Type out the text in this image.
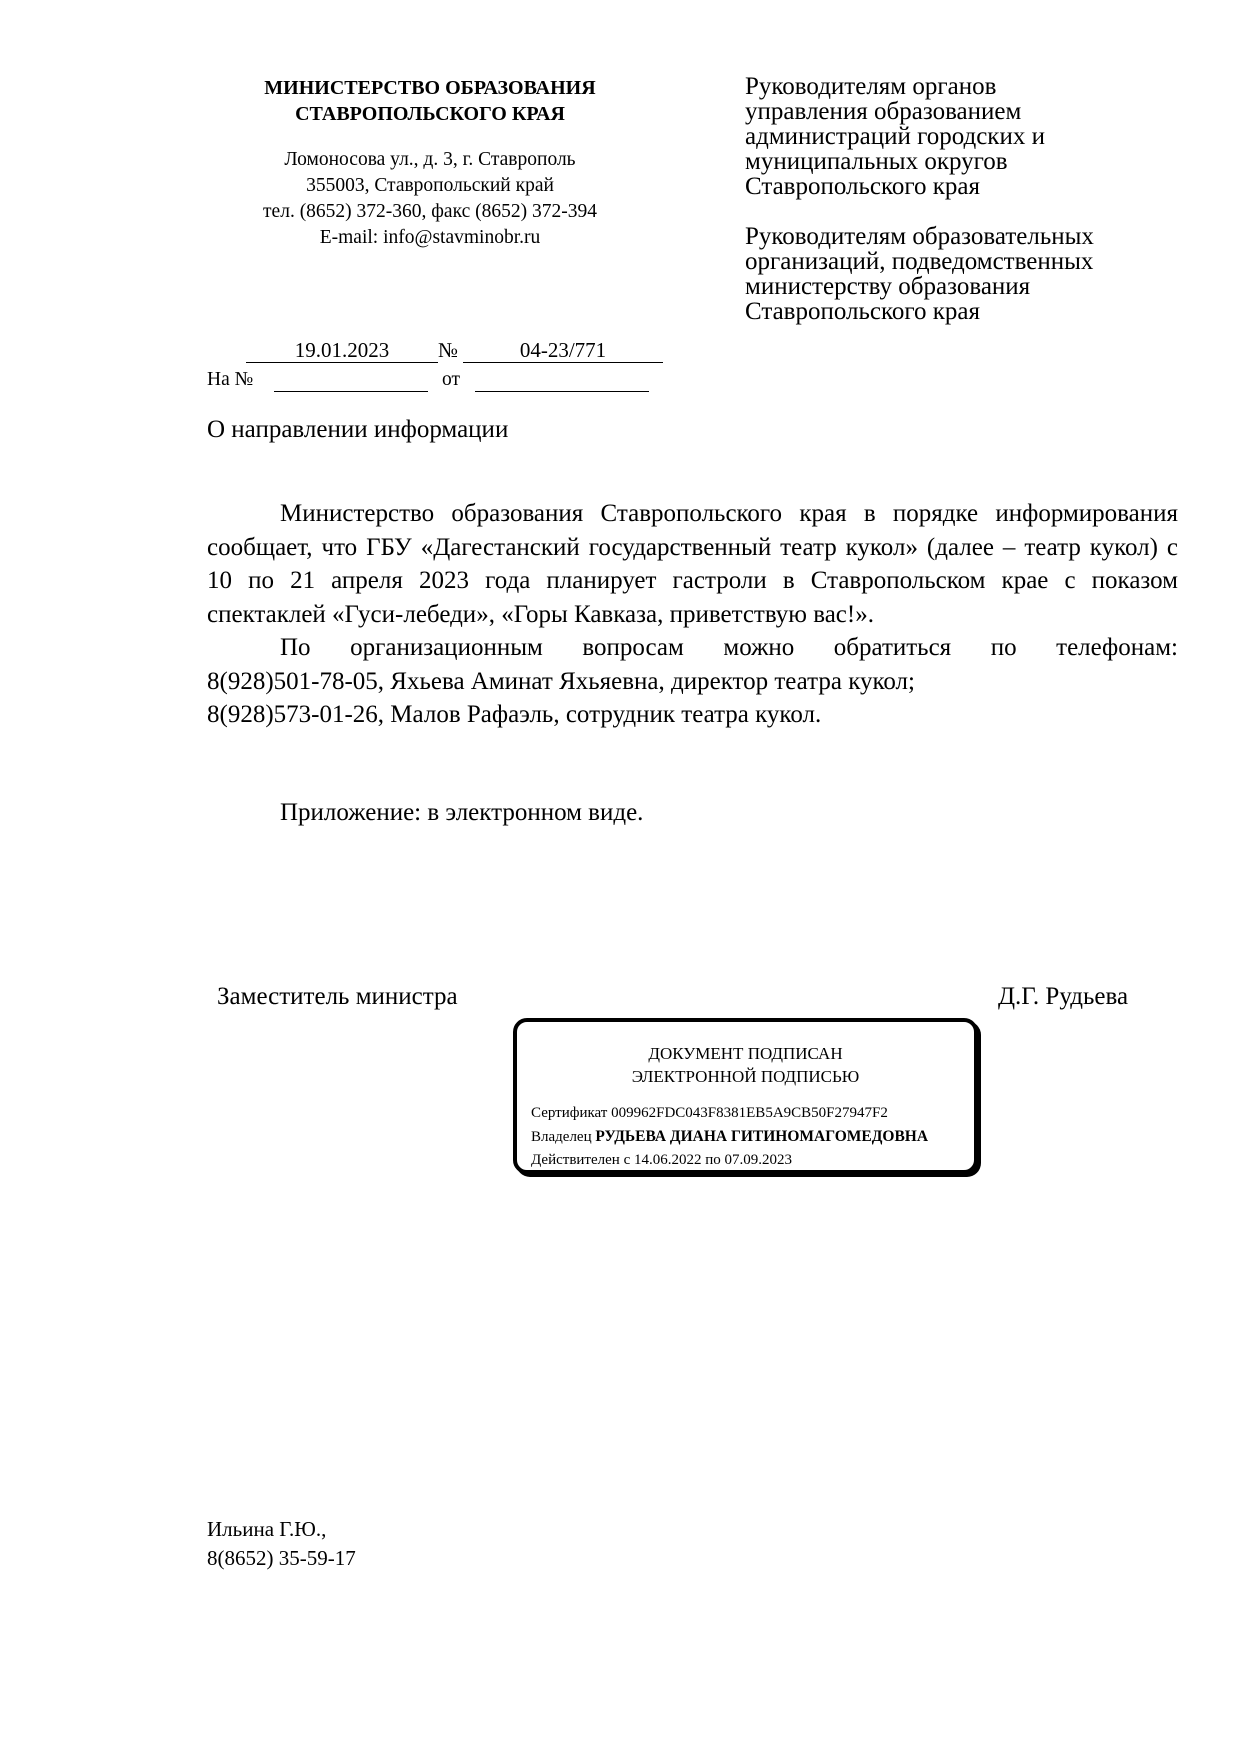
МИНИСТЕРСТВО ОБРАЗОВАНИЯ
СТАВРОПОЛЬСКОГО КРАЯ
Ломоносова ул., д. 3, г. Ставрополь
355003, Ставропольский край
тел. (8652) 372-360, факс (8652) 372-394
E-mail: info@stavminobr.ru
Руководителям органов
управления образованием
администраций городских и
муниципальных округов
Ставропольского края
Руководителям образовательных
организаций, подведомственных
министерству образования
Ставропольского края
19.01.2023	№	04-23/771
На №	от
О направлении информации

Министерство образования Ставропольского края в порядке информирования сообщает, что ГБУ «Дагестанский государственный театр кукол» (далее – театр кукол) с 10 по 21 апреля 2023 года планирует гастроли в Ставропольском крае с показом спектаклей «Гуси-лебеди», «Горы Кавказа, приветствую вас!».

По организационным вопросам можно обратиться по телефонам:

8(928)501-78-05, Яхьева Аминат Яхьяевна, директор театра кукол;

8(928)573-01-26, Малов Рафаэль, сотрудник театра кукол.

Приложение: в электронном виде.
Заместитель министра	Д.Г. Рудьева
ДОКУМЕНТ ПОДПИСАН
ЭЛЕКТРОННОЙ ПОДПИСЬЮ
Сертификат 009962FDC043F8381EB5A9CB50F27947F2
Владелец РУДЬЕВА ДИАНА ГИТИНОМАГОМЕДОВНА
Действителен с 14.06.2022 по 07.09.2023
Ильина Г.Ю.,
8(8652) 35-59-17
